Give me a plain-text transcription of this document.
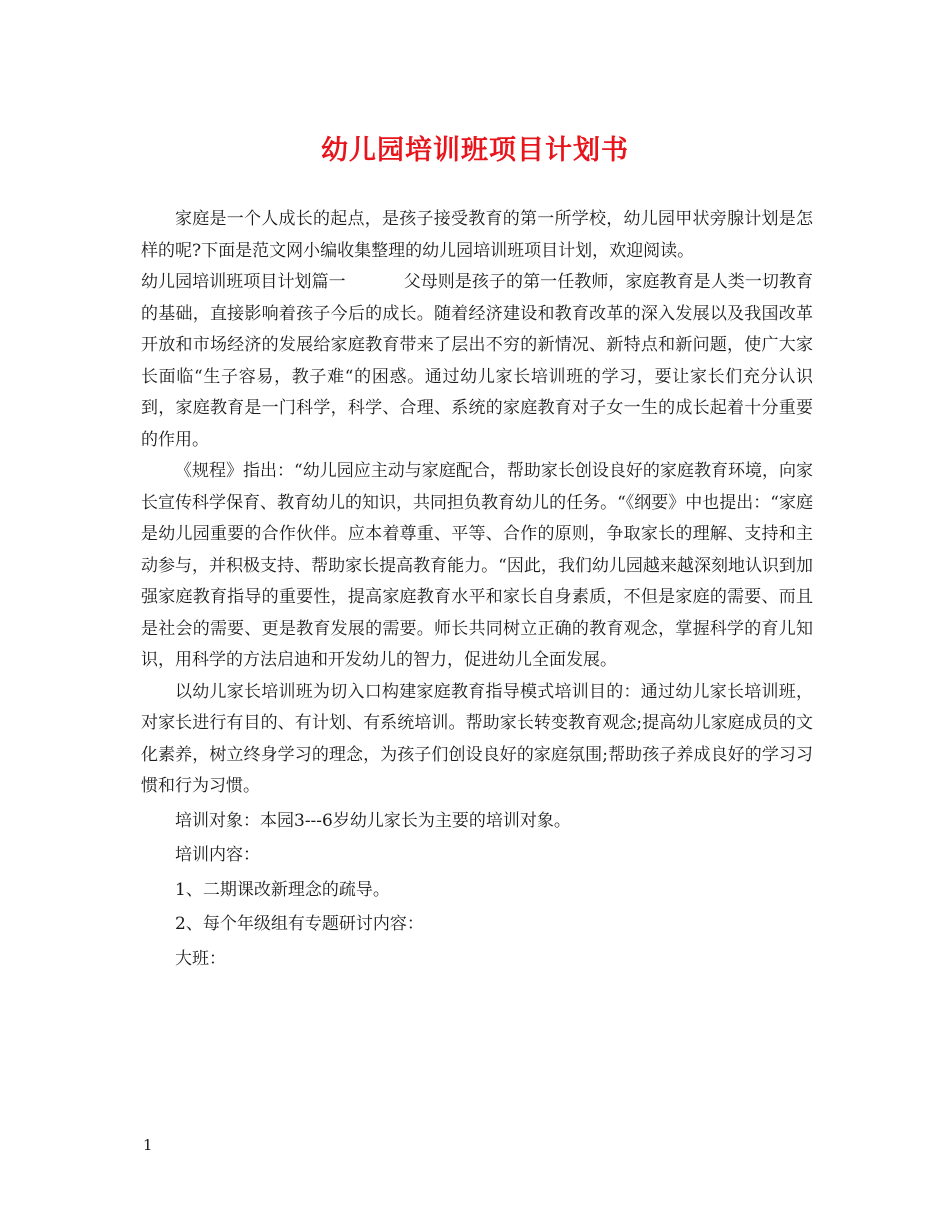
幼儿园培训班项目计划书

家庭是一个人成长的起点，是孩子接受教育的第一所学校，幼儿园甲状旁腺计划是怎样的呢?下面是范文网小编收集整理的幼儿园培训班项目计划，欢迎阅读。

幼儿园培训班项目计划篇一	父母则是孩子的第一任教师，家庭教育是人类一切教育的基础，直接影响着孩子今后的成长。随着经济建设和教育改革的深入发展以及我国改革开放和市场经济的发展给家庭教育带来了层出不穷的新情况、新特点和新问题，使广大家长面临“生子容易，教子难“的困惑。通过幼儿家长培训班的学习，要让家长们充分认识到，家庭教育是一门科学，科学、合理、系统的家庭教育对子女一生的成长起着十分重要的作用。

《规程》指出：“幼儿园应主动与家庭配合，帮助家长创设良好的家庭教育环境，向家长宣传科学保育、教育幼儿的知识，共同担负教育幼儿的任务。“《纲要》中也提出：“家庭是幼儿园重要的合作伙伴。应本着尊重、平等、合作的原则，争取家长的理解、支持和主动参与，并积极支持、帮助家长提高教育能力。“因此，我们幼儿园越来越深刻地认识到加强家庭教育指导的重要性，提高家庭教育水平和家长自身素质，不但是家庭的需要、而且是社会的需要、更是教育发展的需要。师长共同树立正确的教育观念，掌握科学的育儿知识，用科学的方法启迪和开发幼儿的智力，促进幼儿全面发展。

以幼儿家长培训班为切入口构建家庭教育指导模式培训目的：通过幼儿家长培训班，对家长进行有目的、有计划、有系统培训。帮助家长转变教育观念;提高幼儿家庭成员的文化素养，树立终身学习的理念，为孩子们创设良好的家庭氛围;帮助孩子养成良好的学习习惯和行为习惯。

培训对象：本园3---6岁幼儿家长为主要的培训对象。

培训内容：

1、二期课改新理念的疏导。

2、每个年级组有专题研讨内容：

大班：

1
